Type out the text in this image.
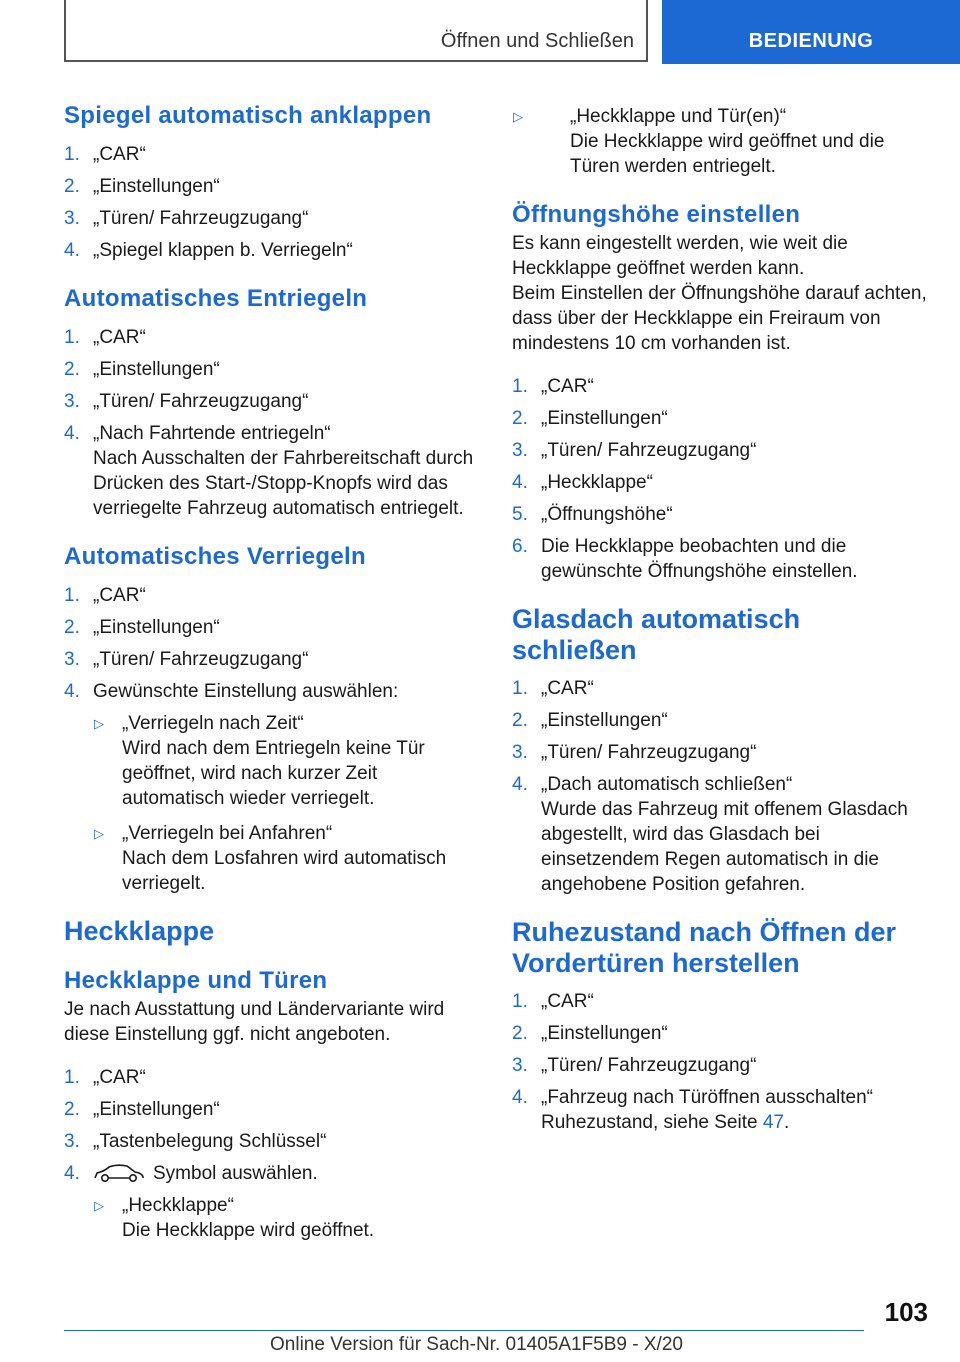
Öffnen und Schließen	BEDIENUNG
Spiegel automatisch anklappen
1. „CAR“
2. „Einstellungen“
3. „Türen/ Fahrzeugzugang“
4. „Spiegel klappen b. Verriegeln“
Automatisches Entriegeln
1. „CAR“
2. „Einstellungen“
3. „Türen/ Fahrzeugzugang“
4. „Nach Fahrtende entriegeln“

Nach Ausschalten der Fahrbereitschaft durch Drücken des Start-/Stopp-Knopfs wird das verriegelte Fahrzeug automatisch entriegelt.

Automatisches Verriegeln
1. „CAR“
2. „Einstellungen“
3. „Türen/ Fahrzeugzugang“
4. Gewünschte Einstellung auswählen:
▷ „Verriegeln nach Zeit“

Wird nach dem Entriegeln keine Tür geöffnet, wird nach kurzer Zeit automatisch wieder verriegelt.

▷ „Verriegeln bei Anfahren“

Nach dem Losfahren wird automatisch verriegelt.

Heckklappe
Heckklappe und Türen

Je nach Ausstattung und Ländervariante wird diese Einstellung ggf. nicht angeboten.

1. „CAR“
2. „Einstellungen“
3. „Tastenbelegung Schlüssel“
4.	Symbol auswählen.
▷ „Heckklappe“

Die Heckklappe wird geöffnet.

▷	„Heckklappe und Tür(en)“

Die Heckklappe wird geöffnet und die Türen werden entriegelt.

Öffnungshöhe einstellen

Es kann eingestellt werden, wie weit die Heckklappe geöffnet werden kann.

Beim Einstellen der Öffnungshöhe darauf achten, dass über der Heckklappe ein Freiraum von mindestens 10 cm vorhanden ist.

1. „CAR“
2. „Einstellungen“
3. „Türen/ Fahrzeugzugang“
4. „Heckklappe“
5. „Öffnungshöhe“
6. Die Heckklappe beobachten und die gewünschte Öffnungshöhe einstellen.
Glasdach automatisch schließen
1. „CAR“
2. „Einstellungen“
3. „Türen/ Fahrzeugzugang“
4. „Dach automatisch schließen“

Wurde das Fahrzeug mit offenem Glasdach abgestellt, wird das Glasdach bei einsetzendem Regen automatisch in die angehobene Position gefahren.

Ruhezustand nach Öffnen der Vordertüren herstellen
1. „CAR“
2. „Einstellungen“
3. „Türen/ Fahrzeugzugang“
4. „Fahrzeug nach Türöffnen ausschalten“

Ruhezustand, siehe Seite 47.

103
Online Version für Sach-Nr. 01405A1F5B9 - X/20
